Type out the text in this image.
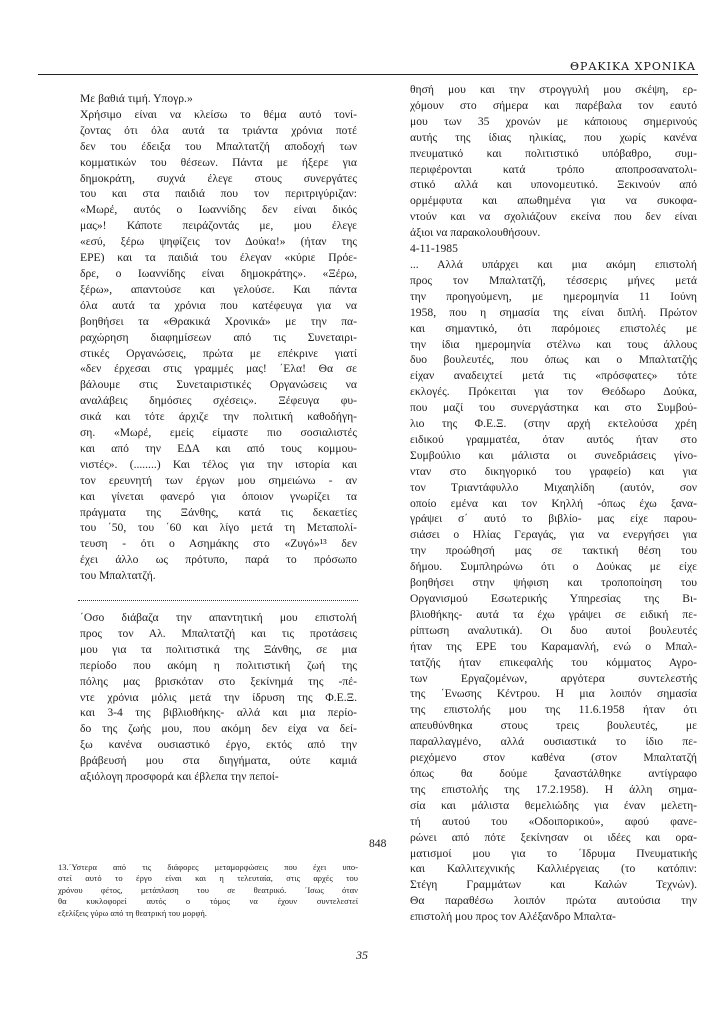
ΘΡΑΚΙΚΑ ΧΡΟΝΙΚΑ
Με βαθιά τιμή. Υπογρ.»
Χρήσιμο είναι να κλείσω το θέμα αυτό τονί-
ζοντας ότι όλα αυτά τα τριάντα χρόνια ποτέ
δεν του έδειξα του Μπαλτατζή αποδοχή των
κομματικών του θέσεων. Πάντα με ήξερε για
δημοκράτη, συχνά έλεγε στους συνεργάτες
του και στα παιδιά που τον περιτριγύριζαν:
«Μωρέ, αυτός ο Ιωαννίδης δεν είναι δικός
μας»! Κάποτε πειράζοντάς με, μου έλεγε
«εσύ, ξέρω ψηφίζεις τον Δούκα!» (ήταν της
ΕΡΕ) και τα παιδιά του έλεγαν «κύριε Πρόε-
δρε, ο Ιωαννίδης είναι δημοκράτης». «Ξέρω,
ξέρω», απαντούσε και γελούσε. Και πάντα
όλα αυτά τα χρόνια που κατέφευγα για να
βοηθήσει τα «Θρακικά Χρονικά» με την πα-
ραχώρηση διαφημίσεων από τις Συνεταιρι-
στικές Οργανώσεις, πρώτα με επέκρινε γιατί
«δεν έρχεσαι στις γραμμές μας! ΄Ελα! Θα σε
βάλουμε στις Συνεταιριστικές Οργανώσεις να
αναλάβεις δημόσιες σχέσεις». Ξέφευγα φυ-
σικά και τότε άρχιζε την πολιτική καθοδήγη-
ση. «Μωρέ, εμείς είμαστε πιο σοσιαλιστές
και από την ΕΔΑ και από τους κομμου-
νιστές». (........) Και τέλος για την ιστορία και
τον ερευνητή των έργων μου σημειώνω - αν
και γίνεται φανερό για όποιον γνωρίζει τα
πράγματα της Ξάνθης, κατά τις δεκαετίες
του ΄50, του ΄60 και λίγο μετά τη Μεταπολί-
τευση - ότι ο Ασημάκης στο «Ζυγό»¹³ δεν
έχει άλλο ως πρότυπο, παρά το πρόσωπο
του Μπαλτατζή.
΄Οσο διάβαζα την απαντητική μου επιστολή
προς τον Αλ. Μπαλτατζή και τις προτάσεις
μου για τα πολιτιστικά της Ξάνθης, σε μια
περίοδο που ακόμη η πολιτιστική ζωή της
πόλης μας βρισκόταν στο ξεκίνημά της -πέ-
ντε χρόνια μόλις μετά την ίδρυση της Φ.Ε.Ξ.
και 3-4 της βιβλιοθήκης- αλλά και μια περίο-
δο της ζωής μου, που ακόμη δεν είχα να δεί-
ξω κανένα ουσιαστικό έργο, εκτός από την
βράβευσή μου στα διηγήματα, ούτε καμιά
αξιόλογη προσφορά και έβλεπα την πεποί-
θησή μου και την στρογγυλή μου σκέψη, ερ-
χόμουν στο σήμερα και παρέβαλα τον εαυτό
μου των 35 χρονών με κάποιους σημερινούς
αυτής της ίδιας ηλικίας, που χωρίς κανένα
πνευματικό και πολιτιστικό υπόβαθρο, συμ-
περιφέρονται κατά τρόπο αποπροσανατολι-
στικό αλλά και υπονομευτικό. Ξεκινούν από
ορμέμφυτα και απωθημένα για να συκοφα-
ντούν και να σχολιάζουν εκείνα που δεν είναι
άξιοι να παρακολουθήσουν.
4-11-1985
... Αλλά υπάρχει και μια ακόμη επιστολή
προς τον Μπαλτατζή, τέσσερις μήνες μετά
την προηγούμενη, με ημερομηνία 11 Ιούνη
1958, που η σημασία της είναι διπλή. Πρώτον
και σημαντικό, ότι παρόμοιες επιστολές με
την ίδια ημερομηνία στέλνω και τους άλλους
δυο βουλευτές, που όπως και ο Μπαλτατζής
είχαν αναδειχτεί μετά τις «πρόσφατες» τότε
εκλογές. Πρόκειται για τον Θεόδωρο Δούκα,
που μαζί του συνεργάστηκα και στο Συμβού-
λιο της Φ.Ε.Ξ. (στην αρχή εκτελούσα χρέη
ειδικού γραμματέα, όταν αυτός ήταν στο
Συμβούλιο και μάλιστα οι συνεδριάσεις γίνο-
νταν στο δικηγορικό του γραφείο) και για
τον Τριαντάφυλλο Μιχαηλίδη (αυτόν, σον
οποίο εμένα και τον Κηλλή -όπως έχω ξανα-
γράψει σ΄ αυτό το βιβλίο- μας είχε παρου-
σιάσει ο Ηλίας Γεραγάς, για να ενεργήσει για
την προώθησή μας σε τακτική θέση του
δήμου. Συμπληρώνω ότι ο Δούκας με είχε
βοηθήσει στην ψήφιση και τροποποίηση του
Οργανισμού Εσωτερικής Υπηρεσίας της Βι-
βλιοθήκης- αυτά τα έχω γράψει σε ειδική πε-
ρίπτωση αναλυτικά). Οι δυο αυτοί βουλευτές
ήταν της ΕΡΕ του Καραμανλή, ενώ ο Μπαλ-
τατζής ήταν επικεφαλής του κόμματος Αγρο-
των Εργαζομένων, αργότερα συντελεστής
της ΄Ενωσης Κέντρου. Η μια λοιπόν σημασία
της επιστολής μου της 11.6.1958 ήταν ότι
απευθύνθηκα στους τρεις βουλευτές, με
παραλλαγμένο, αλλά ουσιαστικά το ίδιο πε-
ριεχόμενο στον καθένα (στον Μπαλτατζή
όπως θα δούμε ξαναστάλθηκε αντίγραφο
της επιστολής της 17.2.1958). Η άλλη σημα-
σία και μάλιστα θεμελιώδης για έναν μελετη-
τή αυτού του «Οδοιπορικού», αφού φανε-
ρώνει από πότε ξεκίνησαν οι ιδέες και ορα-
ματισμοί μου για το ΄Ιδρυμα Πνευματικής
και Καλλιτεχνικής Καλλιέργειας (το κατόπιν:
Στέγη Γραμμάτων και Καλών Τεχνών).
Θα παραθέσω λοιπόν πρώτα αυτούσια την
επιστολή μου προς τον Αλέξανδρο Μπαλτα-
848
13.΄Υστερα από τις διάφορες μεταμορφώσεις που έχει υπο-
στεί αυτό το έργο είναι και η τελευταία, στις αρχές του
χρόνου φέτος, μετάπλαση του σε θεατρικό. ΄Ισως όταν
θα κυκλοφορεί αυτός ο τόμος να έχουν συντελεστεί
εξελίξεις γύρω από τη θεατρική του μορφή.
35
